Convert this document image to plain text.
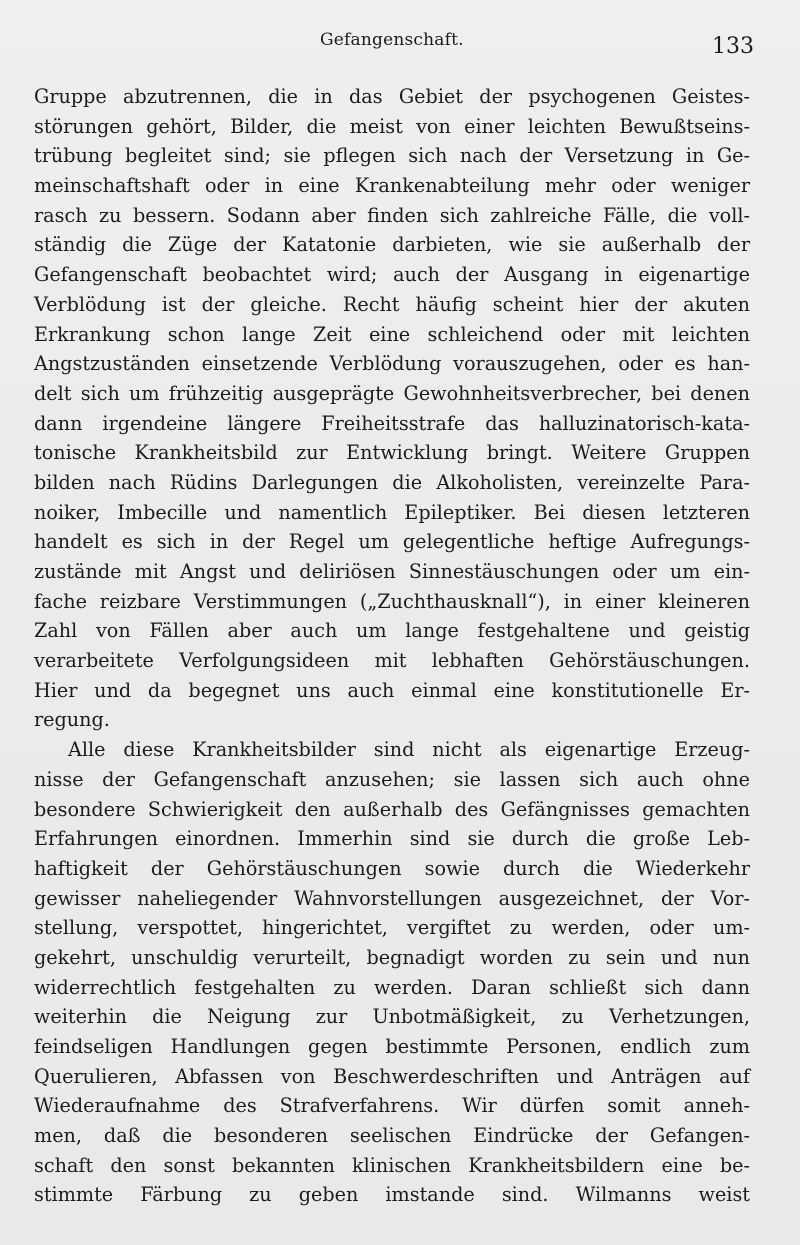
Gefangenschaft.	133
Gruppe abzutrennen, die in das Gebiet der psychogenen Geistes-
störungen gehört, Bilder, die meist von einer leichten Bewußtseins-
trübung begleitet sind; sie pflegen sich nach der Versetzung in Ge-
meinschaftshaft oder in eine Krankenabteilung mehr oder weniger
rasch zu bessern. Sodann aber finden sich zahlreiche Fälle, die voll-
ständig die Züge der Katatonie darbieten, wie sie außerhalb der
Gefangenschaft beobachtet wird; auch der Ausgang in eigenartige
Verblödung ist der gleiche. Recht häufig scheint hier der akuten
Erkrankung schon lange Zeit eine schleichend oder mit leichten
Angstzuständen einsetzende Verblödung vorauszugehen, oder es han-
delt sich um frühzeitig ausgeprägte Gewohnheitsverbrecher, bei denen
dann irgendeine längere Freiheitsstrafe das halluzinatorisch-kata-
tonische Krankheitsbild zur Entwicklung bringt. Weitere Gruppen
bilden nach Rüdins Darlegungen die Alkoholisten, vereinzelte Para-
noiker, Imbecille und namentlich Epileptiker. Bei diesen letzteren
handelt es sich in der Regel um gelegentliche heftige Aufregungs-
zustände mit Angst und deliriösen Sinnestäuschungen oder um ein-
fache reizbare Verstimmungen („Zuchthausknall“), in einer kleineren
Zahl von Fällen aber auch um lange festgehaltene und geistig
verarbeitete Verfolgungsideen mit lebhaften Gehörstäuschungen.
Hier und da begegnet uns auch einmal eine konstitutionelle Er-
regung.
Alle diese Krankheitsbilder sind nicht als eigenartige Erzeug-
nisse der Gefangenschaft anzusehen; sie lassen sich auch ohne
besondere Schwierigkeit den außerhalb des Gefängnisses gemachten
Erfahrungen einordnen. Immerhin sind sie durch die große Leb-
haftigkeit der Gehörstäuschungen sowie durch die Wiederkehr
gewisser naheliegender Wahnvorstellungen ausgezeichnet, der Vor-
stellung, verspottet, hingerichtet, vergiftet zu werden, oder um-
gekehrt, unschuldig verurteilt, begnadigt worden zu sein und nun
widerrechtlich festgehalten zu werden. Daran schließt sich dann
weiterhin die Neigung zur Unbotmäßigkeit, zu Verhetzungen,
feindseligen Handlungen gegen bestimmte Personen, endlich zum
Querulieren, Abfassen von Beschwerdeschriften und Anträgen auf
Wiederaufnahme des Strafverfahrens. Wir dürfen somit anneh-
men, daß die besonderen seelischen Eindrücke der Gefangen-
schaft den sonst bekannten klinischen Krankheitsbildern eine be-
stimmte Färbung zu geben imstande sind. Wilmanns weist
